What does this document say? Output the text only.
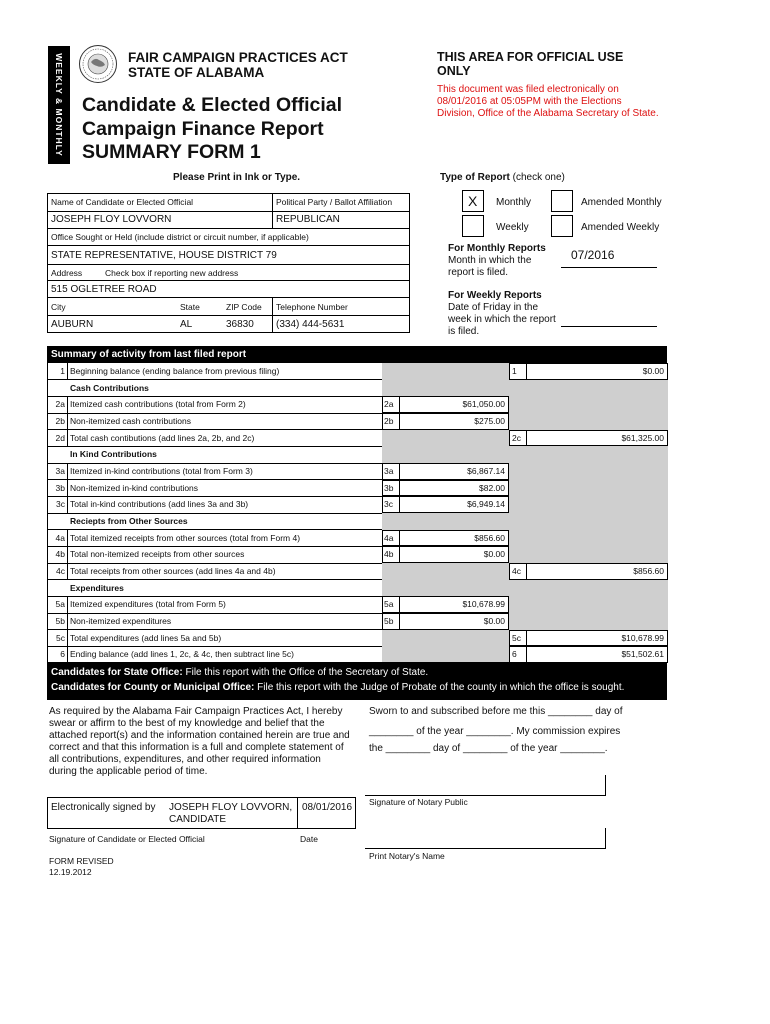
WEEKLY & MONTHLY	FAIR CAMPAIGN PRACTICES ACT
STATE OF ALABAMA
Candidate & Elected Official
Campaign Finance Report
SUMMARY FORM 1
THIS AREA FOR OFFICIAL USE
ONLY
This document was filed electronically on
08/01/2016 at 05:05PM with the Elections
Division, Office of the Alabama Secretary of State.
Please Print in Ink or Type.
Name of Candidate or Elected Official	Political Party / Ballot Affiliation
JOSEPH FLOY LOVVORN	REPUBLICAN
Office Sought or Held (include district or circuit number, if applicable)
STATE REPRESENTATIVE, HOUSE DISTRICT 79
Address	Check box if reporting new address
515 OGLETREE ROAD
City	State	ZIP Code Telephone Number
AUBURN	AL	36830 (334) 444-5631
Type of Report (check one)
X Monthly	Amended Monthly
Weekly	Amended Weekly
For Monthly Reports
Month in which the
report is filed.
07/2016
For Weekly Reports
Date of Friday in the
week in which the report
is filed.
Summary of activity from last filed report
1 Beginning balance (ending balance from previous filing)	1	$0.00
Cash Contributions
2a Itemized cash contributions (total from Form 2)	2a	$61,050.00
2b Non-itemized cash contributions	2b	$275.00
2d Total cash contibutions (add lines 2a, 2b, and 2c)	2c	$61,325.00
In Kind Contributions
3a Itemized in-kind contributions (total from Form 3)	3a	$6,867.14
3b Non-itemized in-kind contributions	3b	$82.00
3c Total in-kind contributions (add lines 3a and 3b)	3c	$6,949.14
Reciepts from Other Sources
4a Total itemized receipts from other sources (total from Form 4)	4a	$856.60
4b Total non-itemized receipts from other sources	4b	$0.00
4c Total receipts from other sources (add lines 4a and 4b)	4c	$856.60
Expenditures
5a Itemized expenditures (total from Form 5)	5a	$10,678.99
5b Non-itemized expenditures	5b	$0.00
5c Total expenditures (add lines 5a and 5b)	5c	$10,678.99
6 Ending balance (add lines 1, 2c, & 4c, then subtract line 5c)	6	$51,502.61
Candidates for State Office: File this report with the Office of the Secretary of State.
Candidates for County or Municipal Office: File this report with the Judge of Probate of the county in which the office is sought.
As required by the Alabama Fair Campaign Practices Act, I hereby
swear or affirm to the best of my knowledge and belief that the
attached report(s) and the information contained herein are true and
correct and that this information is a full and complete statement of
all contributions, expenditures, and other required information
during the applicable period of time.
Sworn to and subscribed before me this ________ day of
________ of the year ________. My commission expires
the ________ day of ________ of the year ________.
Signature of Notary Public
Print Notary's Name
Electronically signed by JOSEPH FLOY LOVVORN,
CANDIDATE
08/01/2016
Signature of Candidate or Elected Official	Date
FORM REVISED
12.19.2012
